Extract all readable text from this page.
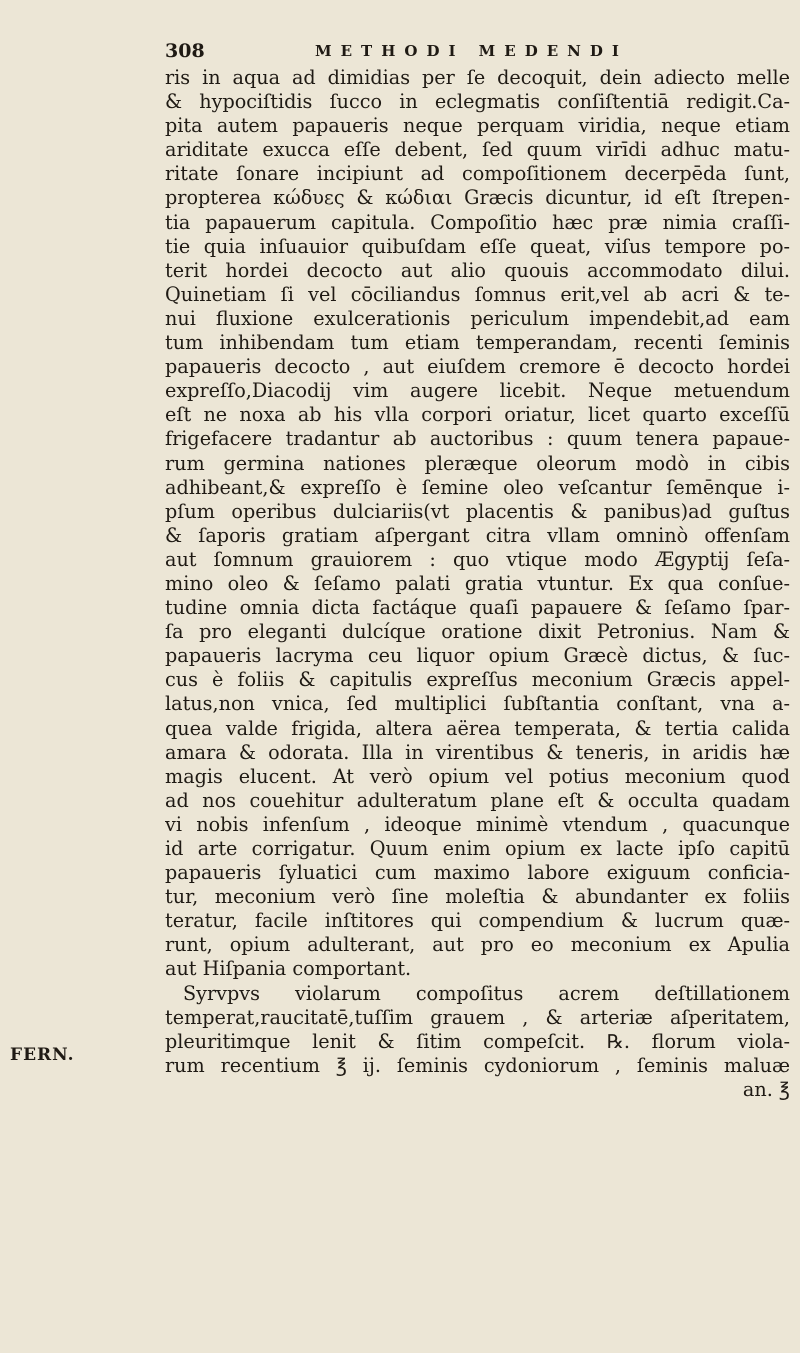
308	METHODI MEDENDI
FERN.
ris in aqua ad dimidias per ſe decoquit, dein adiecto melle
& hypociſtidis ſucco in eclegmatis conſiſtentiā redigit.Ca-
pita autem papaueris neque perquam viridia, neque etiam
ariditate exucca eſſe debent, ſed quum virīdi adhuc matu-
ritate ſonare incipiunt ad compoſitionem decerpēda ſunt,
propterea κώδυες & κώδιαι Græcis dicuntur, id eſt ſtrepen-
tia papauerum capitula. Compoſitio hæc præ nimia craſſi-
tie quia inſuauior quibuſdam eſſe queat, viſus tempore po-
terit hordei decocto aut alio quouis accommodato dilui.
Quinetiam ſi vel cōciliandus ſomnus erit,vel ab acri & te-
nui fluxione exulcerationis periculum impendebit,ad eam
tum inhibendam tum etiam temperandam, recenti ſeminis
papaueris decocto , aut eiuſdem cremore ē decocto hordei
expreſſo,Diacodij vim augere licebit. Neque metuendum
eſt ne noxa ab his vlla corpori oriatur, licet quarto exceſſū
frigefacere tradantur ab auctoribus : quum tenera papaue-
rum germina nationes pleræque oleorum modò in cibis
adhibeant,& expreſſo è ſemine oleo veſcantur ſemēnque i-
pſum operibus dulciariis(vt placentis & panibus)ad guſtus
& ſaporis gratiam aſpergant citra vllam omninò offenſam
aut ſomnum grauiorem : quo vtique modo Ægyptij ſeſa-
mino oleo & ſeſamo palati gratia vtuntur. Ex qua conſue-
tudine omnia dicta factáque quaſi papauere & ſeſamo ſpar-
ſa pro eleganti dulcíque oratione dixit Petronius. Nam &
papaueris lacryma ceu liquor opium Græcè dictus, & ſuc-
cus è foliis & capitulis expreſſus meconium Græcis appel-
latus,non vnica, ſed multiplici ſubſtantia conſtant, vna a-
quea valde frigida, altera aërea temperata, & tertia calida
amara & odorata. Illa in virentibus & teneris, in aridis hæ
magis elucent. At verò opium vel potius meconium quod
ad nos couehitur adulteratum plane eſt & occulta quadam
vi nobis infenſum , ideoque minimè vtendum , quacunque
id arte corrigatur. Quum enim opium ex lacte ipſo capitū
papaueris ſyluatici cum maximo labore exiguum conficia-
tur, meconium verò ſine moleſtia & abundanter ex foliis
teratur, facile inſtitores qui compendium & lucrum quæ-
runt, opium adulterant, aut pro eo meconium ex Apulia
aut Hiſpania comportant.
Syrvpvs violarum compoſitus acrem deſtillationem
temperat,raucitatē,tuſſim grauem , & arteriæ aſperitatem,
pleuritimque lenit & ſitim compeſcit. ℞. florum viola-
rum recentium ℥ ij. ſeminis cydoniorum , ſeminis maluæ
an. ℥
